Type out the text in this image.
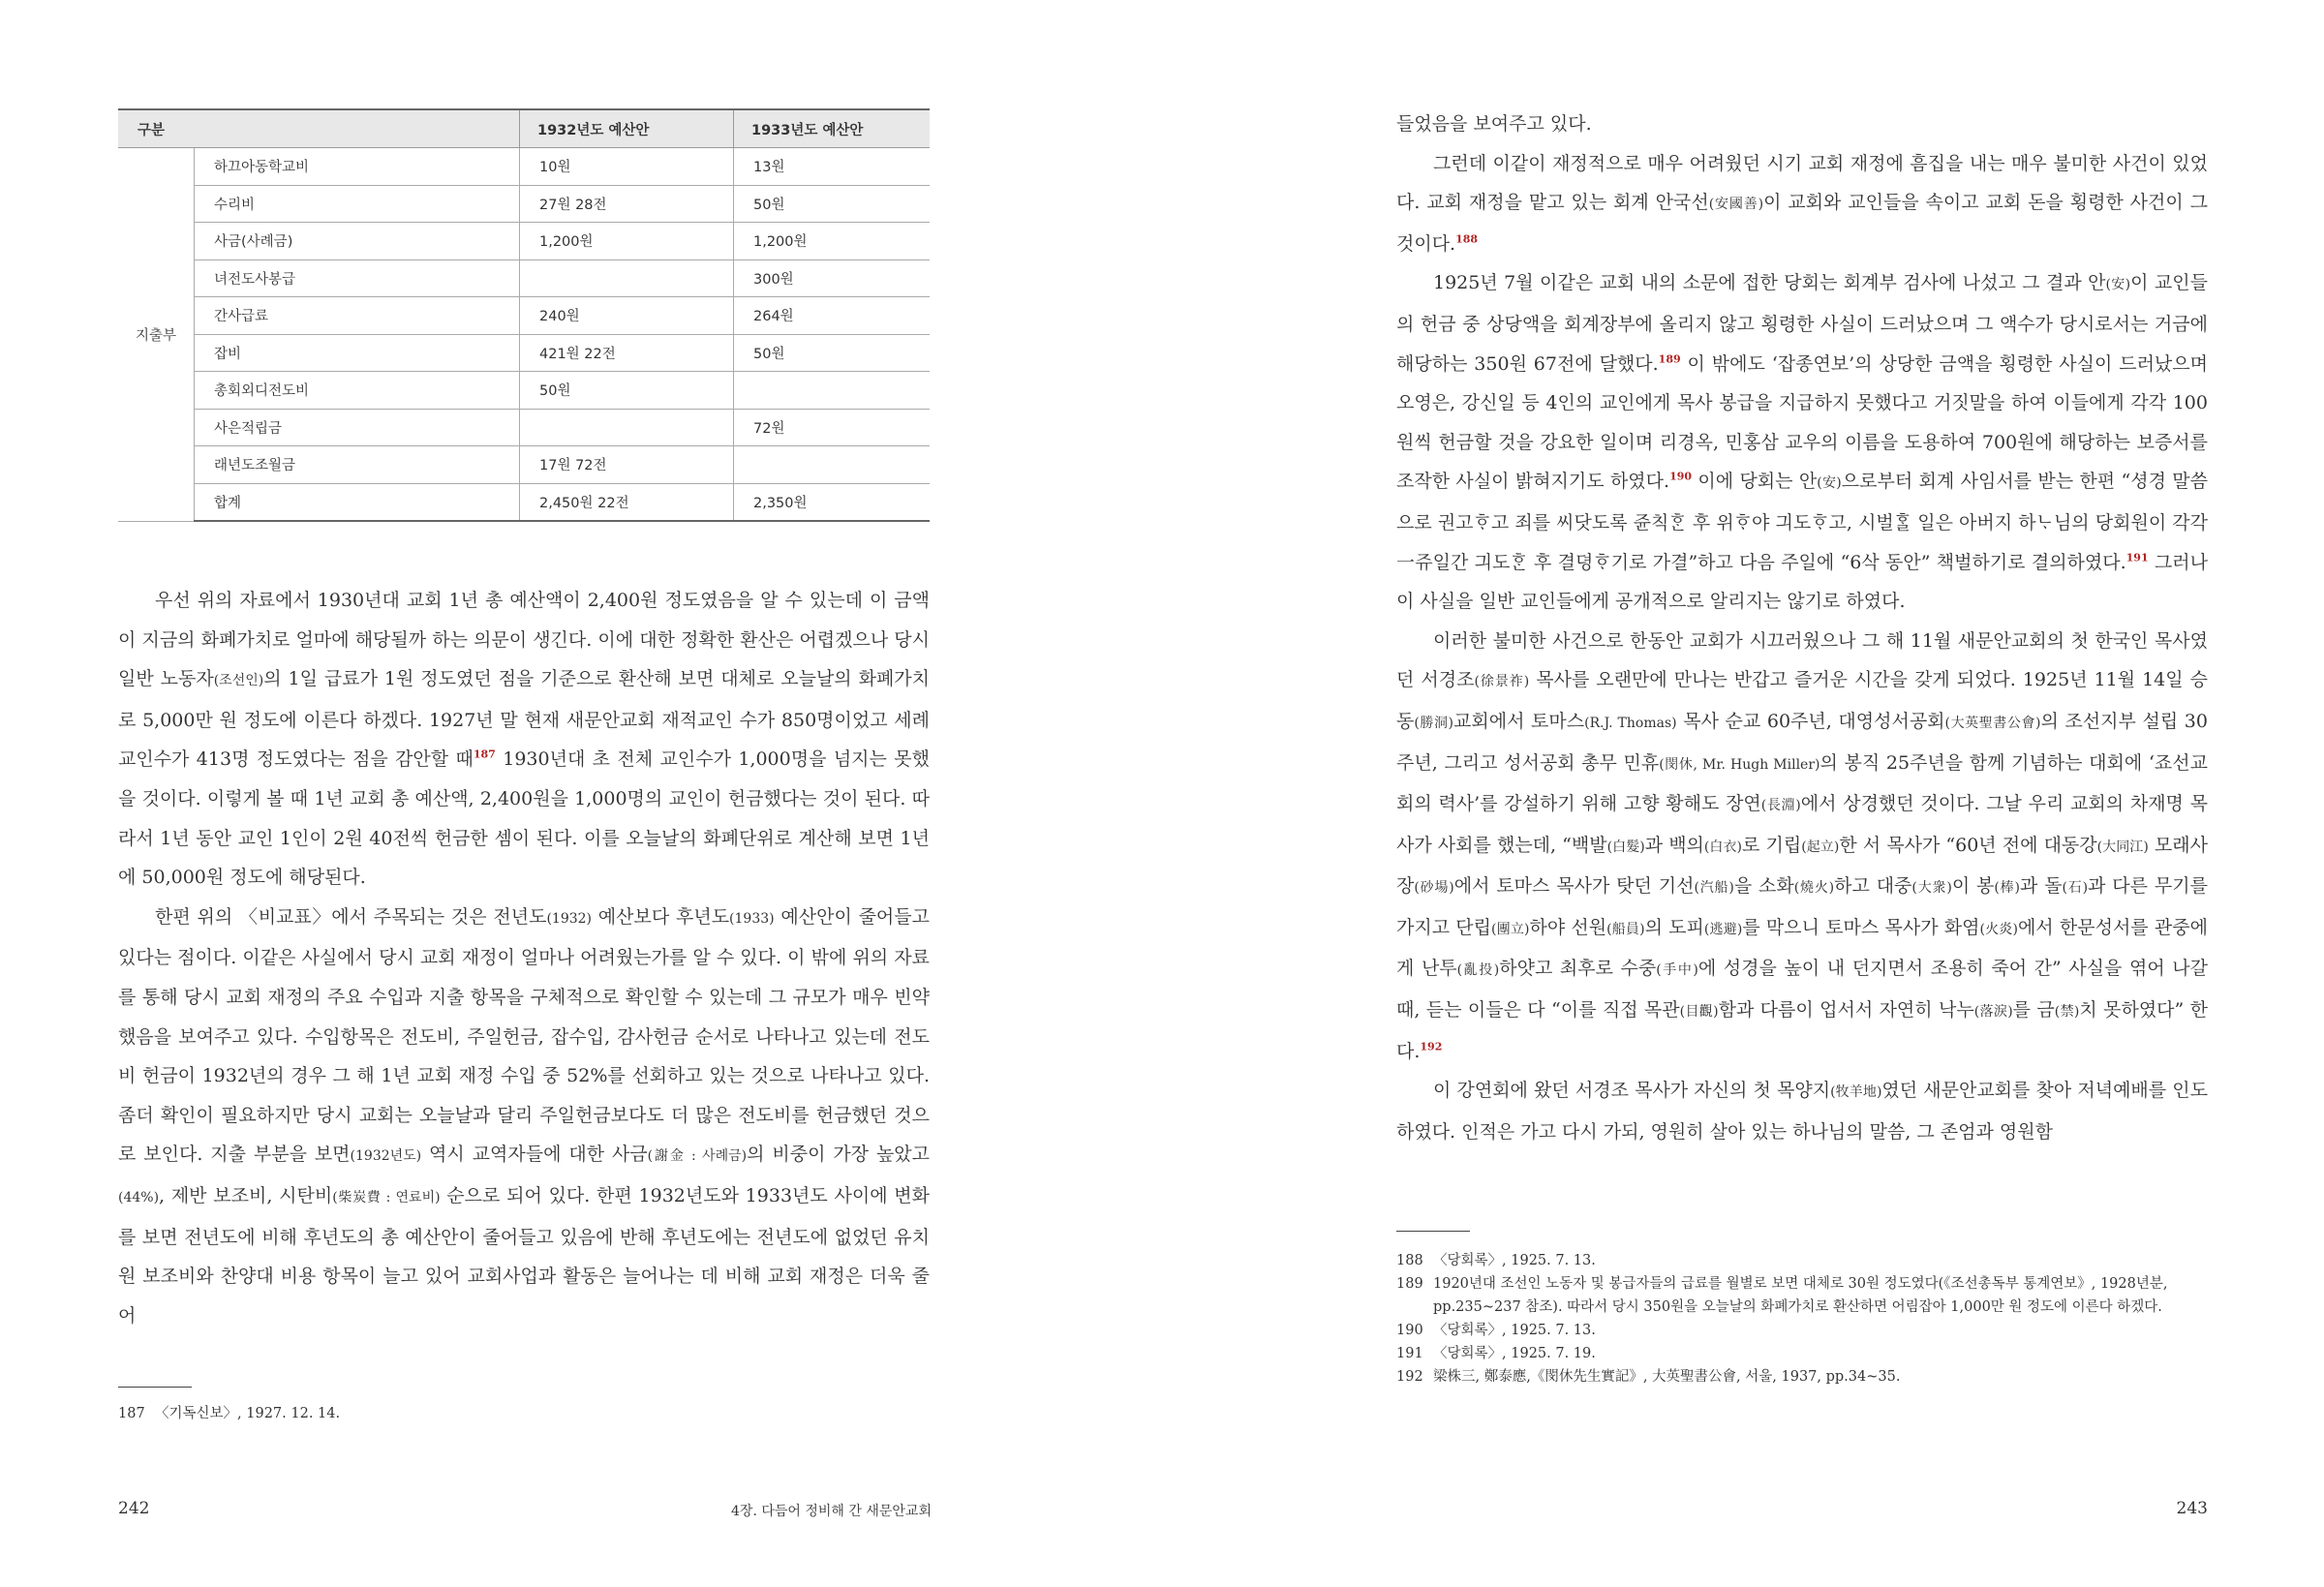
구분		1932년도 예산안	1933년도 예산안
지출부	하끄아동학교비	10원	13원
	수리비	27원 28전	50원
	사금(사례금)	1,200원	1,200원
	녀전도사봉급		300원
	간사급료	240원	264원
	잡비	421원 22전	50원
	총회외디전도비	50원	
	사은적립금		72원
	래년도조월금	17원 72전	
	합계	2,450원 22전	2,350원

우선 위의 자료에서 1930년대 교회 1년 총 예산액이 2,400원 정도였음을 알 수 있는데 이 금액이 지금의 화폐가치로 얼마에 해당될까 하는 의문이 생긴다. 이에 대한 정확한 환산은 어렵겠으나 당시 일반 노동자(조선인)의 1일 급료가 1원 정도였던 점을 기준으로 환산해 보면 대체로 오늘날의 화폐가치로 5,000만 원 정도에 이른다 하겠다. 1927년 말 현재 새문안교회 재적교인 수가 850명이었고 세례교인수가 413명 정도였다는 점을 감안할 때$^{187}$ 1930년대 초 전체 교인수가 1,000명을 넘지는 못했을 것이다. 이렇게 볼 때 1년 교회 총 예산액, 2,400원을 1,000명의 교인이 헌금했다는 것이 된다. 따라서 1년 동안 교인 1인이 2원 40전씩 헌금한 셈이 된다. 이를 오늘날의 화폐단위로 계산해 보면 1년에 50,000원 정도에 해당된다.

한편 위의 〈비교표〉에서 주목되는 것은 전년도(1932) 예산보다 후년도(1933) 예산안이 줄어들고 있다는 점이다. 이같은 사실에서 당시 교회 재정이 얼마나 어려웠는가를 알 수 있다. 이 밖에 위의 자료를 통해 당시 교회 재정의 주요 수입과 지출 항목을 구체적으로 확인할 수 있는데 그 규모가 매우 빈약했음을 보여주고 있다. 수입항목은 전도비, 주일헌금, 잡수입, 감사헌금 순서로 나타나고 있는데 전도비 헌금이 1932년의 경우 그 해 1년 교회 재정 수입 중 52%를 선회하고 있는 것으로 나타나고 있다. 좀더 확인이 필요하지만 당시 교회는 오늘날과 달리 주일헌금보다도 더 많은 전도비를 헌금했던 것으로 보인다. 지출 부분을 보면(1932년도) 역시 교역자들에 대한 사금(謝金 : 사례금)의 비중이 가장 높았고(44%), 제반 보조비, 시탄비(柴炭費 : 연료비) 순으로 되어 있다. 한편 1932년도와 1933년도 사이에 변화를 보면 전년도에 비해 후년도의 총 예산안이 줄어들고 있음에 반해 후년도에는 전년도에 없었던 유치원 보조비와 찬양대 비용 항목이 늘고 있어 교회사업과 활동은 늘어나는 데 비해 교회 재정은 더욱 줄어

187 〈기독신보〉, 1927. 12. 14.
242	4장. 다듬어 정비해 간 새문안교회

들었음을 보여주고 있다.

그런데 이같이 재정적으로 매우 어려웠던 시기 교회 재정에 흠집을 내는 매우 불미한 사건이 있었다. 교회 재정을 맡고 있는 회계 안국선(安國善)이 교회와 교인들을 속이고 교회 돈을 횡령한 사건이 그것이다.$^{188}$

1925년 7월 이같은 교회 내의 소문에 접한 당회는 회계부 검사에 나섰고 그 결과 안(安)이 교인들의 헌금 중 상당액을 회계장부에 올리지 않고 횡령한 사실이 드러났으며 그 액수가 당시로서는 거금에 해당하는 350원 67전에 달했다.$^{189}$ 이 밖에도 ‘잡종연보’의 상당한 금액을 횡령한 사실이 드러났으며 오영은, 강신일 등 4인의 교인에게 목사 봉급을 지급하지 못했다고 거짓말을 하여 이들에게 각각 100원씩 헌금할 것을 강요한 일이며 리경옥, 민홍삼 교우의 이름을 도용하여 700원에 해당하는 보증서를 조작한 사실이 밝혀지기도 하였다.$^{190}$ 이에 당회는 안(安)으로부터 회계 사임서를 받는 한편 “셩경 말씀으로 권고ᄒᆞ고 죄를 씨닷도록 쥰칙ᄒᆞᆫ 후 위ᄒᆞ야 긔도ᄒᆞ고, 시벌ᄒᆞᆯ 일은 아버지 하ᄂᆞ님의 당회원이 각각 一쥬일간 긔도ᄒᆞᆫ 후 결뎡ᄒᆞ기로 가결”하고 다음 주일에 “6삭 동안” 책벌하기로 결의하였다.$^{191}$ 그러나 이 사실을 일반 교인들에게 공개적으로 알리지는 않기로 하였다.

이러한 불미한 사건으로 한동안 교회가 시끄러웠으나 그 해 11월 새문안교회의 첫 한국인 목사였던 서경조(徐景祚) 목사를 오랜만에 만나는 반갑고 즐거운 시간을 갖게 되었다. 1925년 11월 14일 승동(勝洞)교회에서 토마스(R.J. Thomas) 목사 순교 60주년, 대영성서공회(大英聖書公會)의 조선지부 설립 30주년, 그리고 성서공회 총무 민휴(閔休, Mr. Hugh Miller)의 봉직 25주년을 함께 기념하는 대회에 ‘죠선교회의 력사’를 강설하기 위해 고향 황해도 장연(長淵)에서 상경했던 것이다. 그날 우리 교회의 차재명 목사가 사회를 했는데, “백발(白髮)과 백의(白衣)로 기립(起立)한 서 목사가 “60년 전에 대동강(大同江) 모래사장(砂場)에서 토마스 목사가 탓던 기선(汽船)을 소화(燒火)하고 대중(大衆)이 봉(棒)과 돌(石)과 다른 무기를 가지고 단립(團立)하야 선원(船員)의 도피(逃避)를 막으니 토마스 목사가 화염(火炎)에서 한문성서를 관중에게 난투(亂投)하얏고 최후로 수중(手中)에 성경을 높이 내 던지면서 조용히 죽어 간” 사실을 엮어 나갈 때, 듣는 이들은 다 “이를 직접 목관(目觀)함과 다름이 업서서 자연히 낙누(落淚)를 금(禁)치 못하였다” 한다.$^{192}$

이 강연회에 왔던 서경조 목사가 자신의 첫 목양지(牧羊地)였던 새문안교회를 찾아 저녁예배를 인도하였다. 인적은 가고 다시 가되, 영원히 살아 있는 하나님의 말씀, 그 존엄과 영원함

188 〈당회록〉, 1925. 7. 13.
189 1920년대 조선인 노동자 및 봉급자들의 급료를 월별로 보면 대체로 30원 정도였다(《조선총독부 통계연보》, 1928년분, pp.235~237 참조). 따라서 당시 350원을 오늘날의 화폐가치로 환산하면 어림잡아 1,000만 원 정도에 이른다 하겠다.
190 〈당회록〉, 1925. 7. 13.
191 〈당회록〉, 1925. 7. 19.
192 梁株三, 鄭泰應,《閔休先生實記》, 大英聖書公會, 서울, 1937, pp.34~35.
243
